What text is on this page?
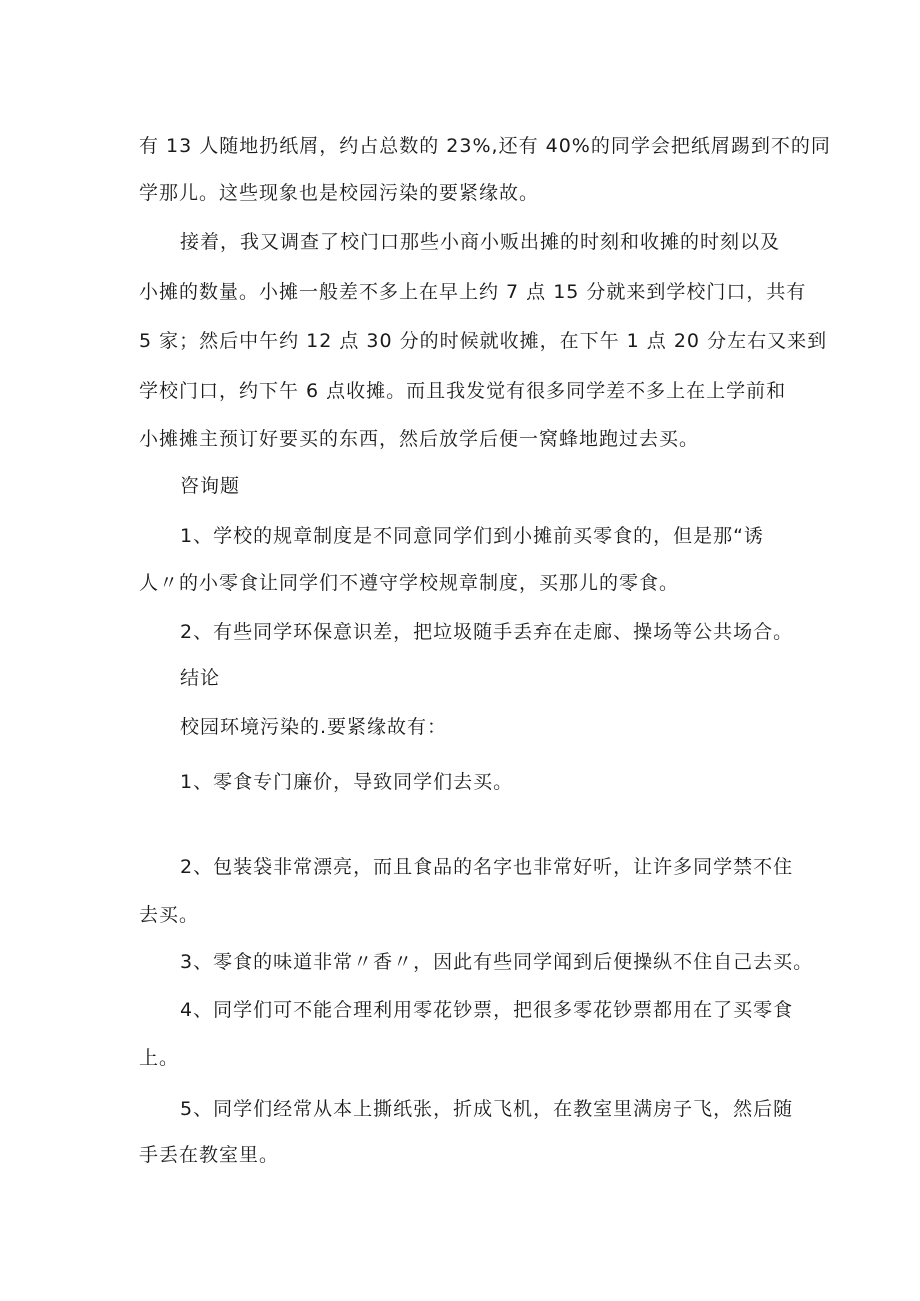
有 13 人随地扔纸屑，约占总数的 23%,还有 40%的同学会把纸屑踢到不的同
学那儿。这些现象也是校园污染的要紧缘故。
接着，我又调查了校门口那些小商小贩出摊的时刻和收摊的时刻以及
小摊的数量。小摊一般差不多上在早上约 7 点 15 分就来到学校门口，共有
5 家；然后中午约 12 点 30 分的时候就收摊，在下午 1 点 20 分左右又来到
学校门口，约下午 6 点收摊。而且我发觉有很多同学差不多上在上学前和
小摊摊主预订好要买的东西，然后放学后便一窝蜂地跑过去买。
咨询题
1、学校的规章制度是不同意同学们到小摊前买零食的，但是那“诱
人〃的小零食让同学们不遵守学校规章制度，买那儿的零食。
2、有些同学环保意识差，把垃圾随手丢弃在走廊、操场等公共场合。
结论
校园环境污染的.要紧缘故有：
1、零食专门廉价，导致同学们去买。
2、包装袋非常漂亮，而且食品的名字也非常好听，让许多同学禁不住
去买。
3、零食的味道非常〃香〃，因此有些同学闻到后便操纵不住自己去买。
4、同学们可不能合理利用零花钞票，把很多零花钞票都用在了买零食
上。
5、同学们经常从本上撕纸张，折成飞机，在教室里满房子飞，然后随
手丢在教室里。
